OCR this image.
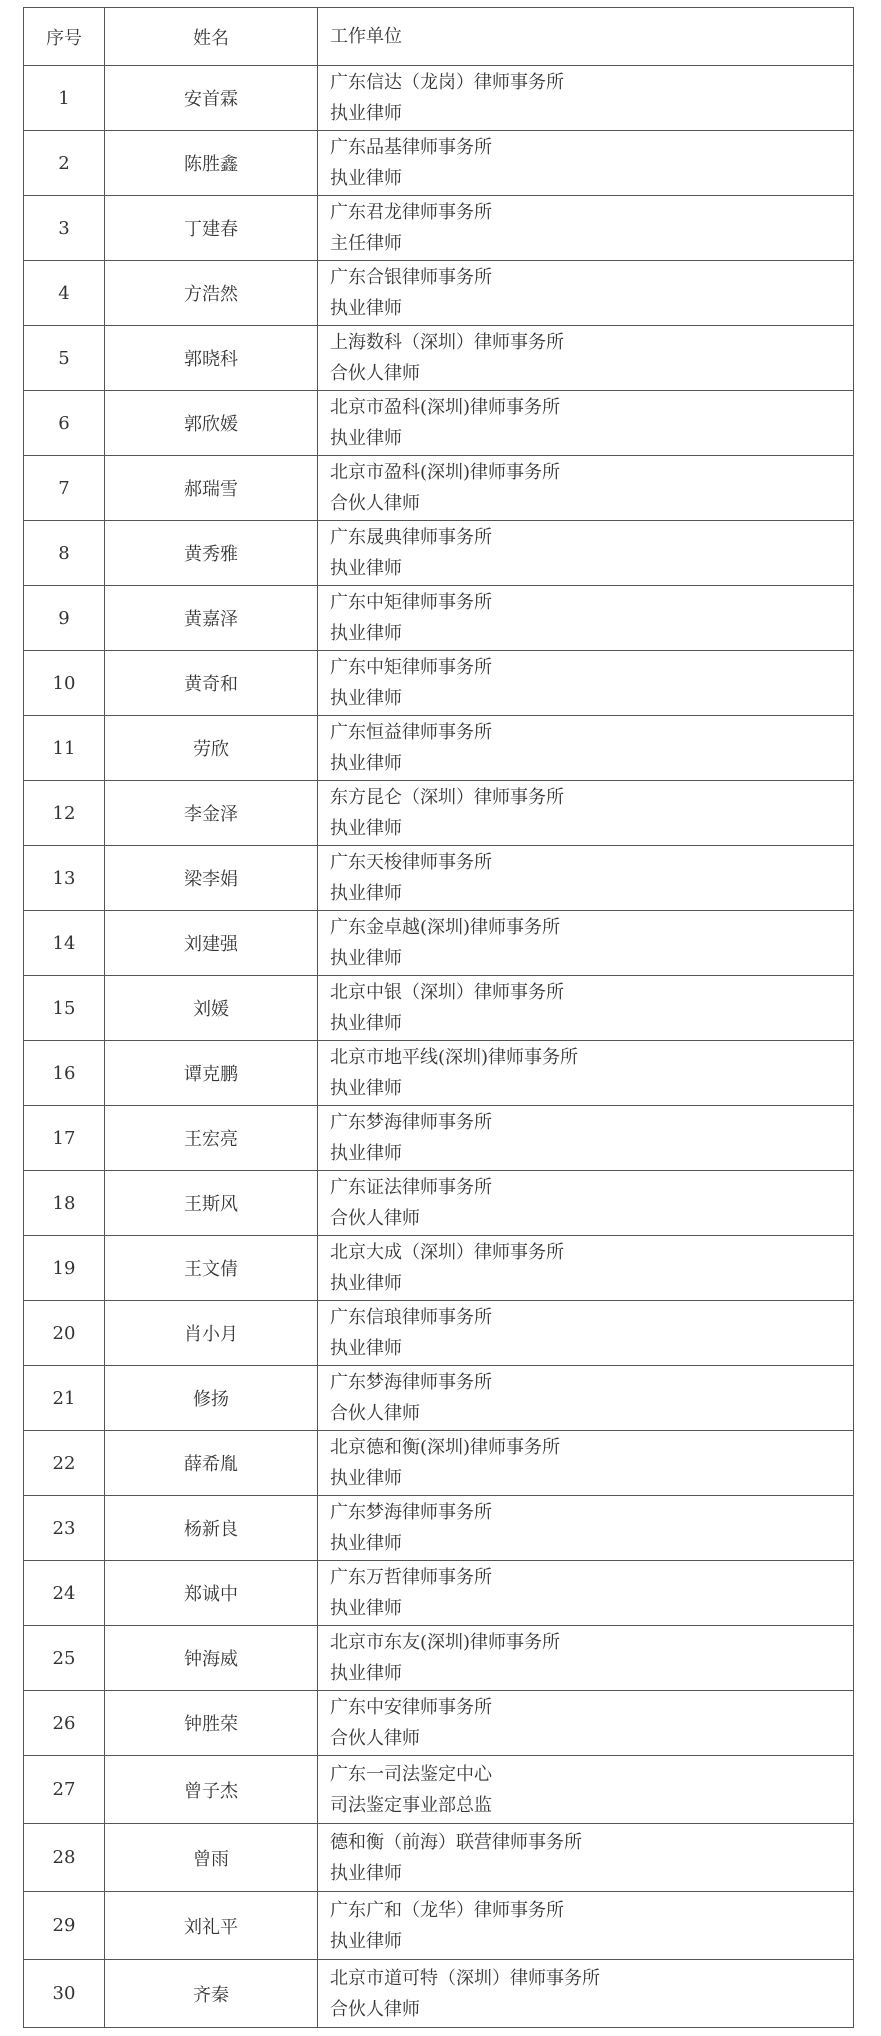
序号	姓名	工作单位
1	安首霖	广东信达（龙岗）律师事务所
执业律师

2	陈胜鑫	广东品基律师事务所
执业律师

3	丁建春	广东君龙律师事务所
主任律师

4	方浩然	广东合银律师事务所
执业律师

5	郭晓科	上海数科（深圳）律师事务所
合伙人律师

6	郭欣媛	北京市盈科(深圳)律师事务所
执业律师

7	郝瑞雪	北京市盈科(深圳)律师事务所
合伙人律师

8	黄秀雅	广东晟典律师事务所
执业律师

9	黄嘉泽	广东中矩律师事务所
执业律师

10	黄奇和	广东中矩律师事务所
执业律师

11	劳欣	广东恒益律师事务所
执业律师

12	李金泽	东方昆仑（深圳）律师事务所
执业律师

13	梁李娟	广东天梭律师事务所
执业律师

14	刘建强	广东金卓越(深圳)律师事务所
执业律师

15	刘媛	北京中银（深圳）律师事务所
执业律师

16	谭克鹏	北京市地平线(深圳)律师事务所
执业律师

17	王宏亮	广东梦海律师事务所
执业律师

18	王斯风	广东证法律师事务所
合伙人律师

19	王文倩	北京大成（深圳）律师事务所
执业律师

20	肖小月	广东信琅律师事务所
执业律师

21	修扬	广东梦海律师事务所
合伙人律师

22	薛希胤	北京德和衡(深圳)律师事务所
执业律师

23	杨新良	广东梦海律师事务所
执业律师

24	郑诚中	广东万哲律师事务所
执业律师

25	钟海威	北京市东友(深圳)律师事务所
执业律师

26	钟胜荣	广东中安律师事务所
合伙人律师

27	曾子杰	广东一司法鉴定中心
司法鉴定事业部总监

28	曾雨	德和衡（前海）联营律师事务所
执业律师

29	刘礼平	广东广和（龙华）律师事务所
执业律师

30	齐秦	北京市道可特（深圳）律师事务所
合伙人律师
